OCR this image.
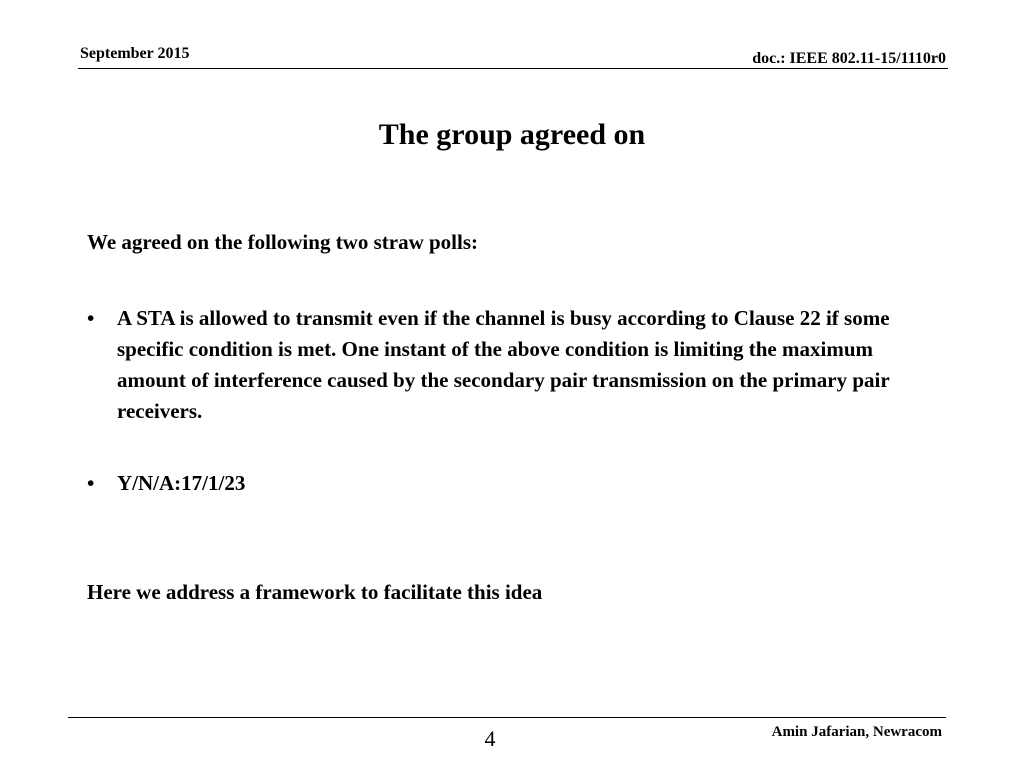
September 2015	doc.: IEEE 802.11-15/1110r0
The group agreed on
We agreed on the following two straw polls:
•	A STA is allowed to transmit even if the channel is busy according to Clause 22 if some specific condition is met. One instant of the above condition is limiting the maximum amount of interference caused by the secondary pair transmission on the primary pair receivers.
•	Y/N/A:17/1/23
Here we address a framework to facilitate this idea
4	Amin Jafarian, Newracom
